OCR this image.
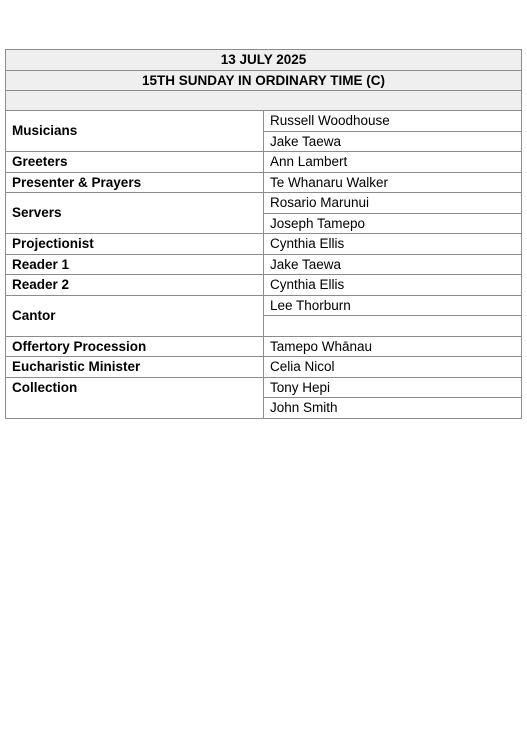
13 JULY 2025	
15TH SUNDAY IN ORDINARY TIME (C)	

Musicians	Russell Woodhouse
	Jake Taewa
Greeters	Ann Lambert
Presenter & Prayers	Te Whanaru Walker
Servers	Rosario Marunui
	Joseph Tamepo
Projectionist	Cynthia Ellis
Reader 1	Jake Taewa
Reader 2	Cynthia Ellis
Cantor	Lee Thorburn

Offertory Procession	Tamepo Whānau
Eucharistic Minister	Celia Nicol
Collection	Tony Hepi
	John Smith
